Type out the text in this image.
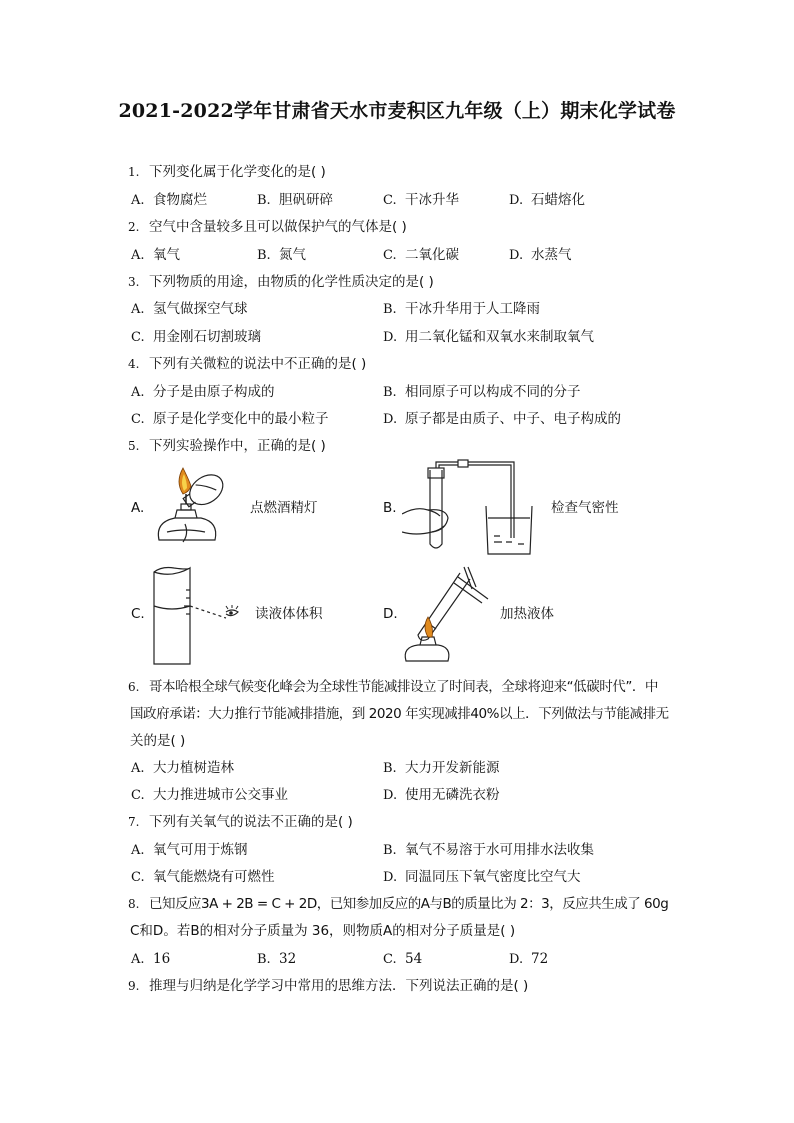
2021-2022学年甘肃省天水市麦积区九年级（上）期末化学试卷
1. 下列变化属于化学变化的是( )
A. 食物腐烂	B. 胆矾研碎	C. 干冰升华	D. 石蜡熔化
2. 空气中含量较多且可以做保护气的气体是( )
A. 氧气	B. 氮气	C. 二氧化碳	D. 水蒸气
3. 下列物质的用途，由物质的化学性质决定的是( )
A. 氢气做探空气球	B. 干冰升华用于人工降雨
C. 用金刚石切割玻璃	D. 用二氧化锰和双氧水来制取氧气
4. 下列有关微粒的说法中不正确的是( )
A. 分子是由原子构成的	B. 相同原子可以构成不同的分子
C. 原子是化学变化中的最小粒子	D. 原子都是由质子、中子、电子构成的
5. 下列实验操作中，正确的是( )
A.	点燃酒精灯	B.	检查气密性
C.	读液体体积	D.	加热液体
6. 哥本哈根全球气候变化峰会为全球性节能减排设立了时间表，全球将迎来“低碳时代”．中
国政府承诺：大力推行节能减排措施，到 2020 年实现减排40%以上．下列做法与节能减排无
关的是( )
A. 大力植树造林	B. 大力开发新能源
C. 大力推进城市公交事业	D. 使用无磷洗衣粉
7. 下列有关氧气的说法不正确的是( )
A. 氧气可用于炼钢	B. 氧气不易溶于水可用排水法收集
C. 氧气能燃烧有可燃性	D. 同温同压下氧气密度比空气大
8. 已知反应3A + 2B = C + 2D，已知参加反应的A与B的质量比为 2：3，反应共生成了 60g
C和D。若B的相对分子质量为 36，则物质A的相对分子质量是( )
A. 16	B. 32	C. 54	D. 72
9. 推理与归纳是化学学习中常用的思维方法．下列说法正确的是( )
